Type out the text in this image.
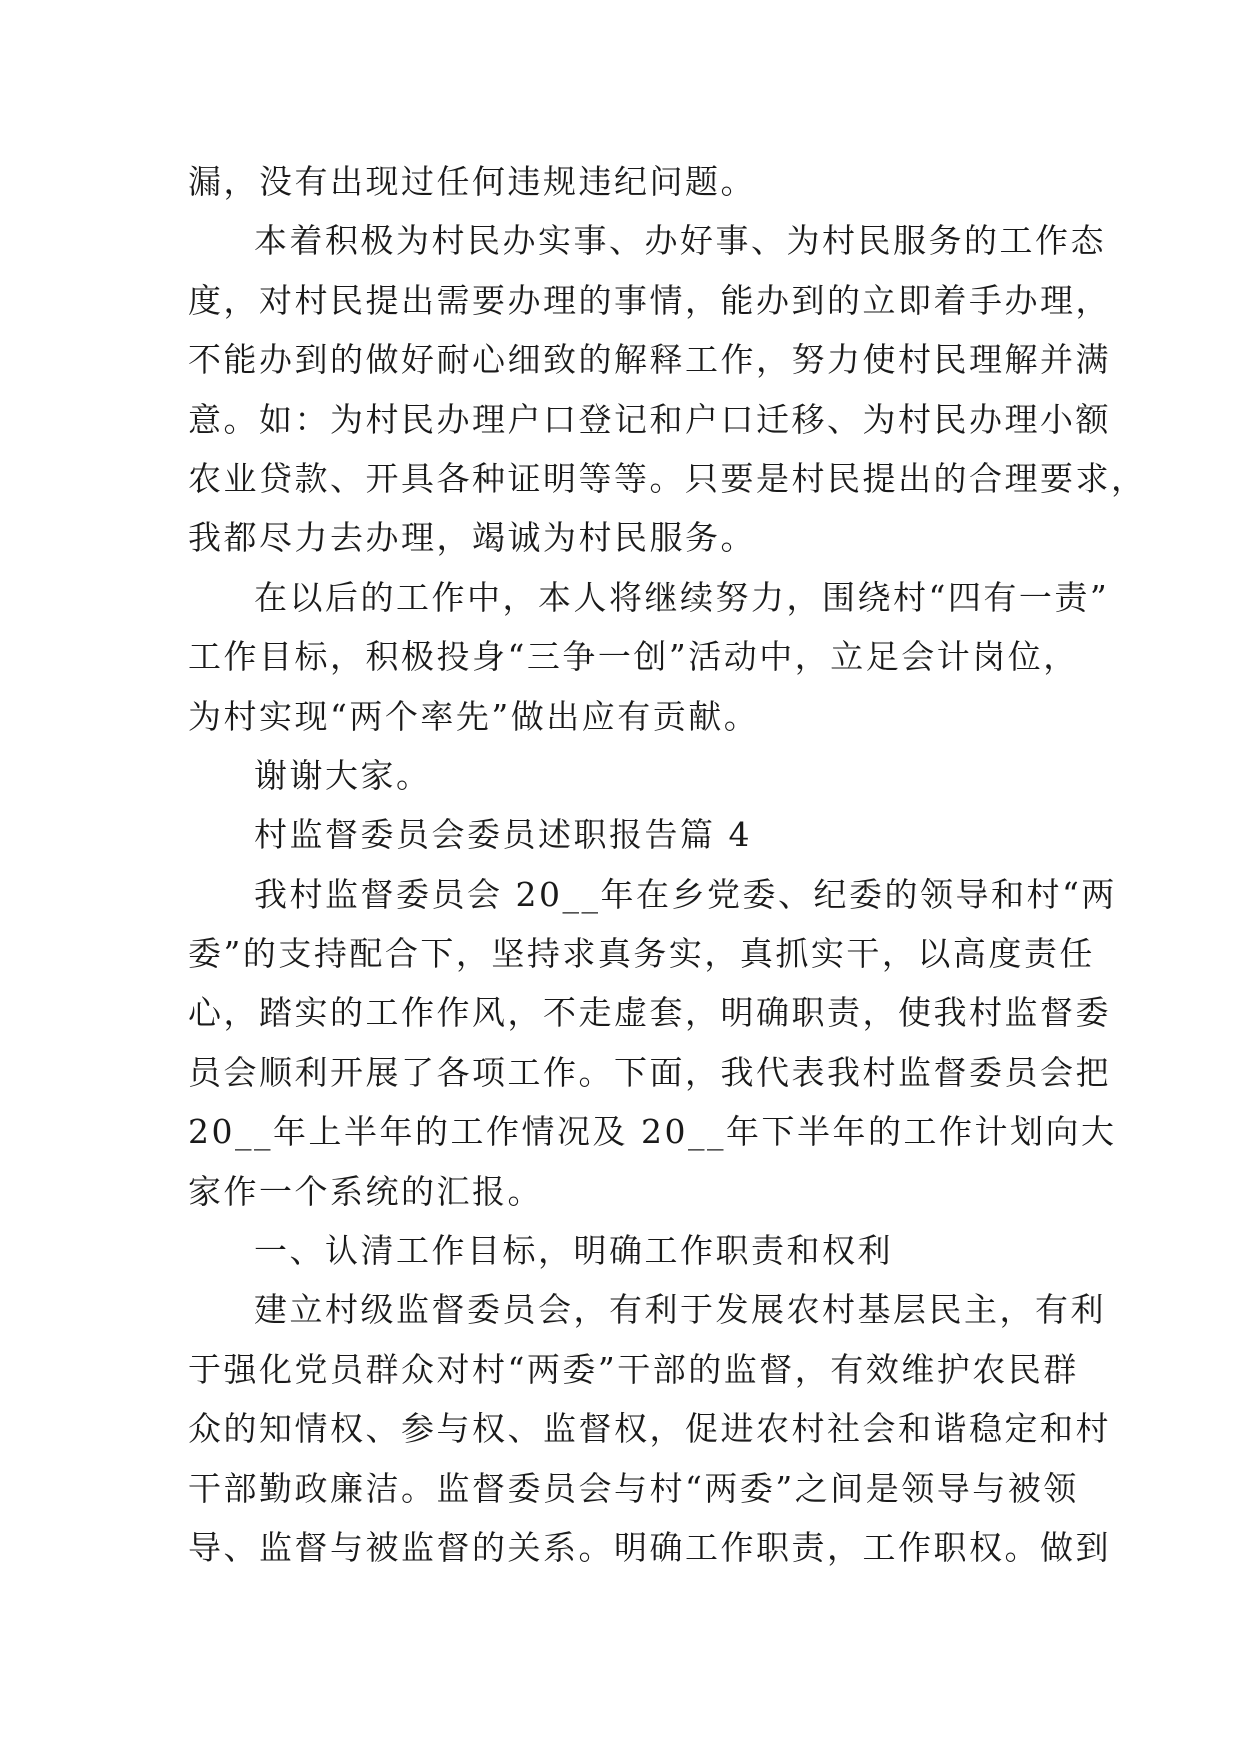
漏，没有出现过任何违规违纪问题。
本着积极为村民办实事、办好事、为村民服务的工作态
度，对村民提出需要办理的事情，能办到的立即着手办理，
不能办到的做好耐心细致的解释工作，努力使村民理解并满
意。如：为村民办理户口登记和户口迁移、为村民办理小额
农业贷款、开具各种证明等等。只要是村民提出的合理要求，
我都尽力去办理，竭诚为村民服务。
在以后的工作中，本人将继续努力，围绕村“四有一责”
工作目标，积极投身“三争一创”活动中，立足会计岗位，
为村实现“两个率先”做出应有贡献。
谢谢大家。
村监督委员会委员述职报告篇 4
我村监督委员会 20__年在乡党委、纪委的领导和村“两
委”的支持配合下，坚持求真务实，真抓实干，以高度责任
心，踏实的工作作风，不走虚套，明确职责，使我村监督委
员会顺利开展了各项工作。下面，我代表我村监督委员会把
20__年上半年的工作情况及 20__年下半年的工作计划向大
家作一个系统的汇报。
一、认清工作目标，明确工作职责和权利
建立村级监督委员会，有利于发展农村基层民主，有利
于强化党员群众对村“两委”干部的监督，有效维护农民群
众的知情权、参与权、监督权，促进农村社会和谐稳定和村
干部勤政廉洁。监督委员会与村“两委”之间是领导与被领
导、监督与被监督的关系。明确工作职责，工作职权。做到
